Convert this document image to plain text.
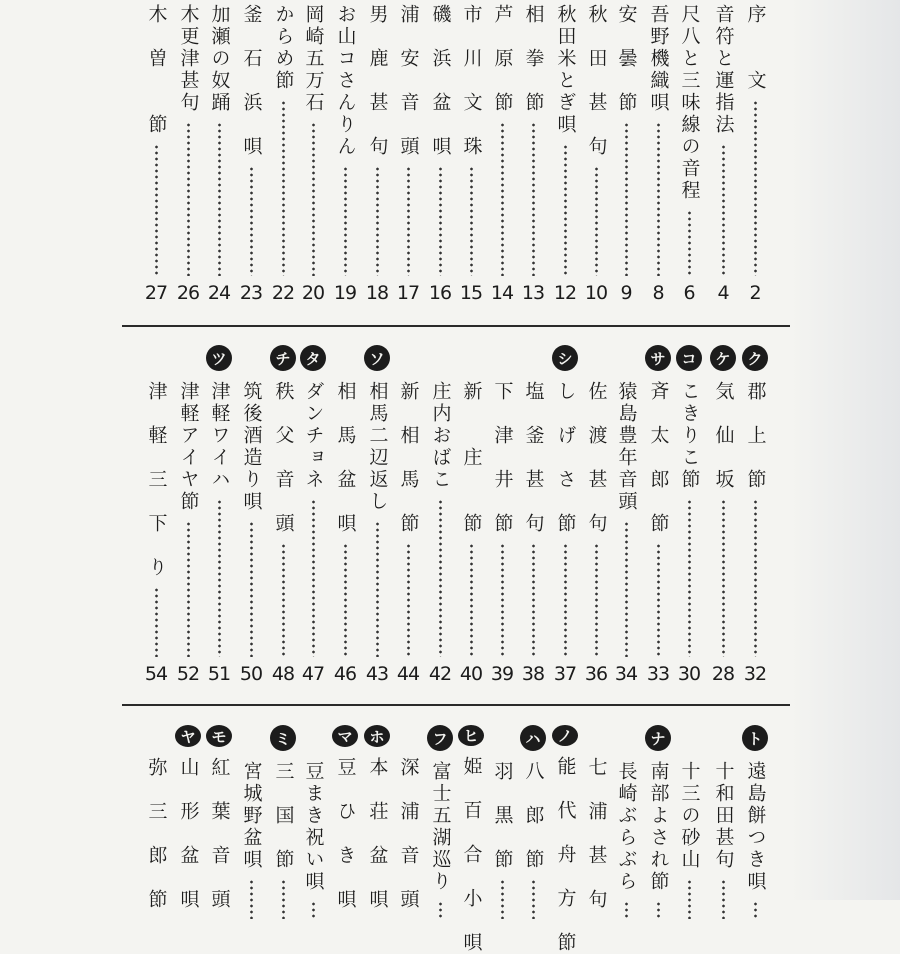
序　　文
2
音符と運指法
4
尺八と三味線の音程
6
吾野機織唄
8
安　曇　節
9
秋　田　甚　句
10
秋田米とぎ唄
12
相　拳　節
13
芦　原　節
14
市　川　文　珠
15
磯　浜　盆　唄
16
浦　安　音　頭
17
男　鹿　甚　句
18
お山コさんりん
19
岡崎五万石
20
からめ節
22
釜　石　浜　唄
23
加瀬の奴踊
24
木更津甚句
26
木　曽　　節
27
ク
郡　上　節
32
ケ
気　仙　坂
28
コ
こきりこ節
30
サ
斉　太　郎　節
33
猿島豊年音頭
34
佐　渡　甚　句
36
シ
し　げ　さ　節
37
塩　釜　甚　句
38
下　津　井　節
39
新　　庄　　節
40
庄内おばこ
42
新　相　馬　節
44
ソ
相馬二辺返し
43
相　馬　盆　唄
46
タ
ダンチョネ
47
チ
秩　父　音　頭
48
筑後酒造り唄
50
ツ
津軽ワイハ
51
津軽アイヤ節
52
津　軽　三　下　り
54
ト
遠島餅つき唄
十和田甚句
十三の砂山
ナ
南部よされ節
長崎ぶらぶら
七　浦　甚　句
ノ
能　代　舟　方　節
ハ
八　郎　節
羽　黒　節
ヒ
姫　百　合　小　唄
フ
富士五湖巡り
深　浦　音　頭
ホ
本　荘　盆　唄
マ
豆　ひ　き　唄
豆まき祝い唄
ミ
三　国　節
宮城野盆唄
モ
紅　葉　音　頭
ヤ
山　形　盆　唄
弥　三　郎　節
